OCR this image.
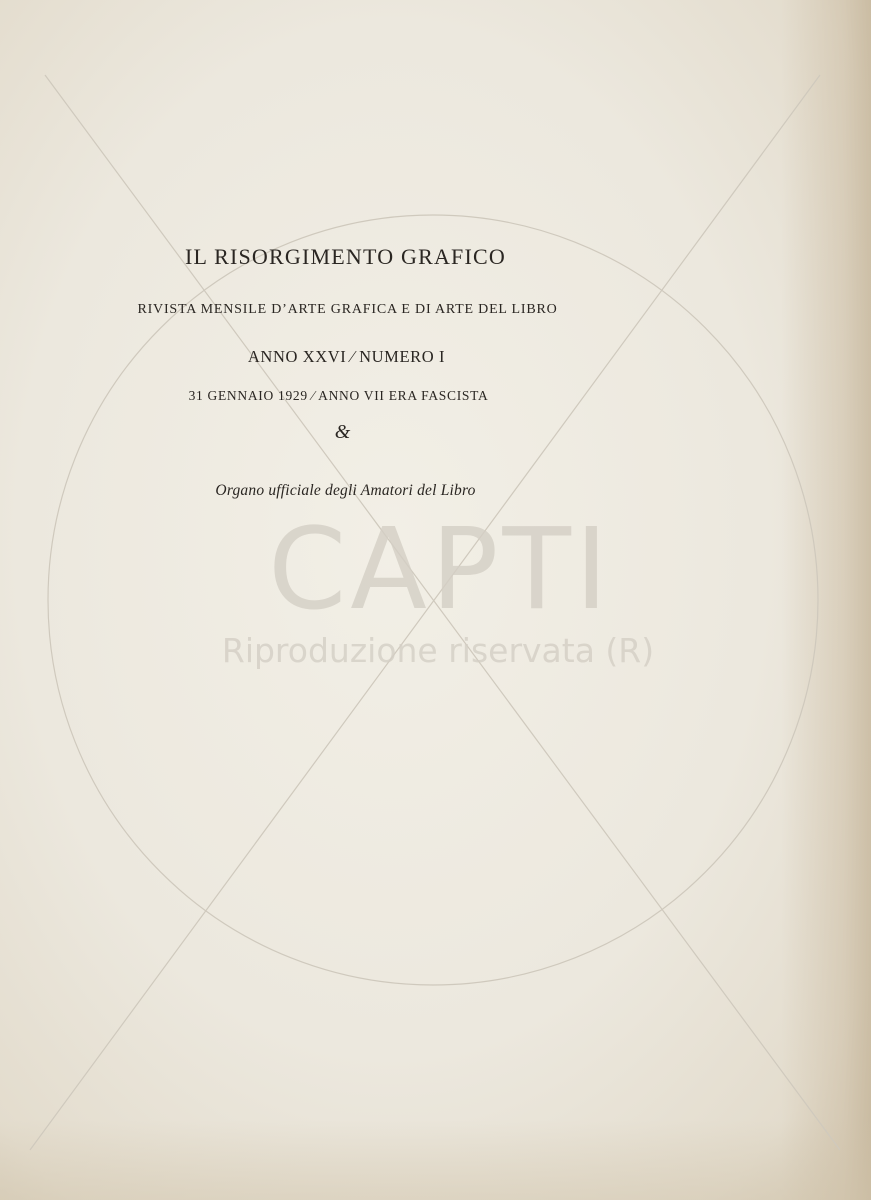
CAPTI
Riproduzione riservata (R)
IL RISORGIMENTO GRAFICO
RIVISTA MENSILE D’ARTE GRAFICA E DI ARTE DEL LIBRO
ANNO XXVI ⁄ NUMERO I
31 GENNAIO 1929 ⁄ ANNO VII ERA FASCISTA
&
Organo ufficiale degli Amatori del Libro
